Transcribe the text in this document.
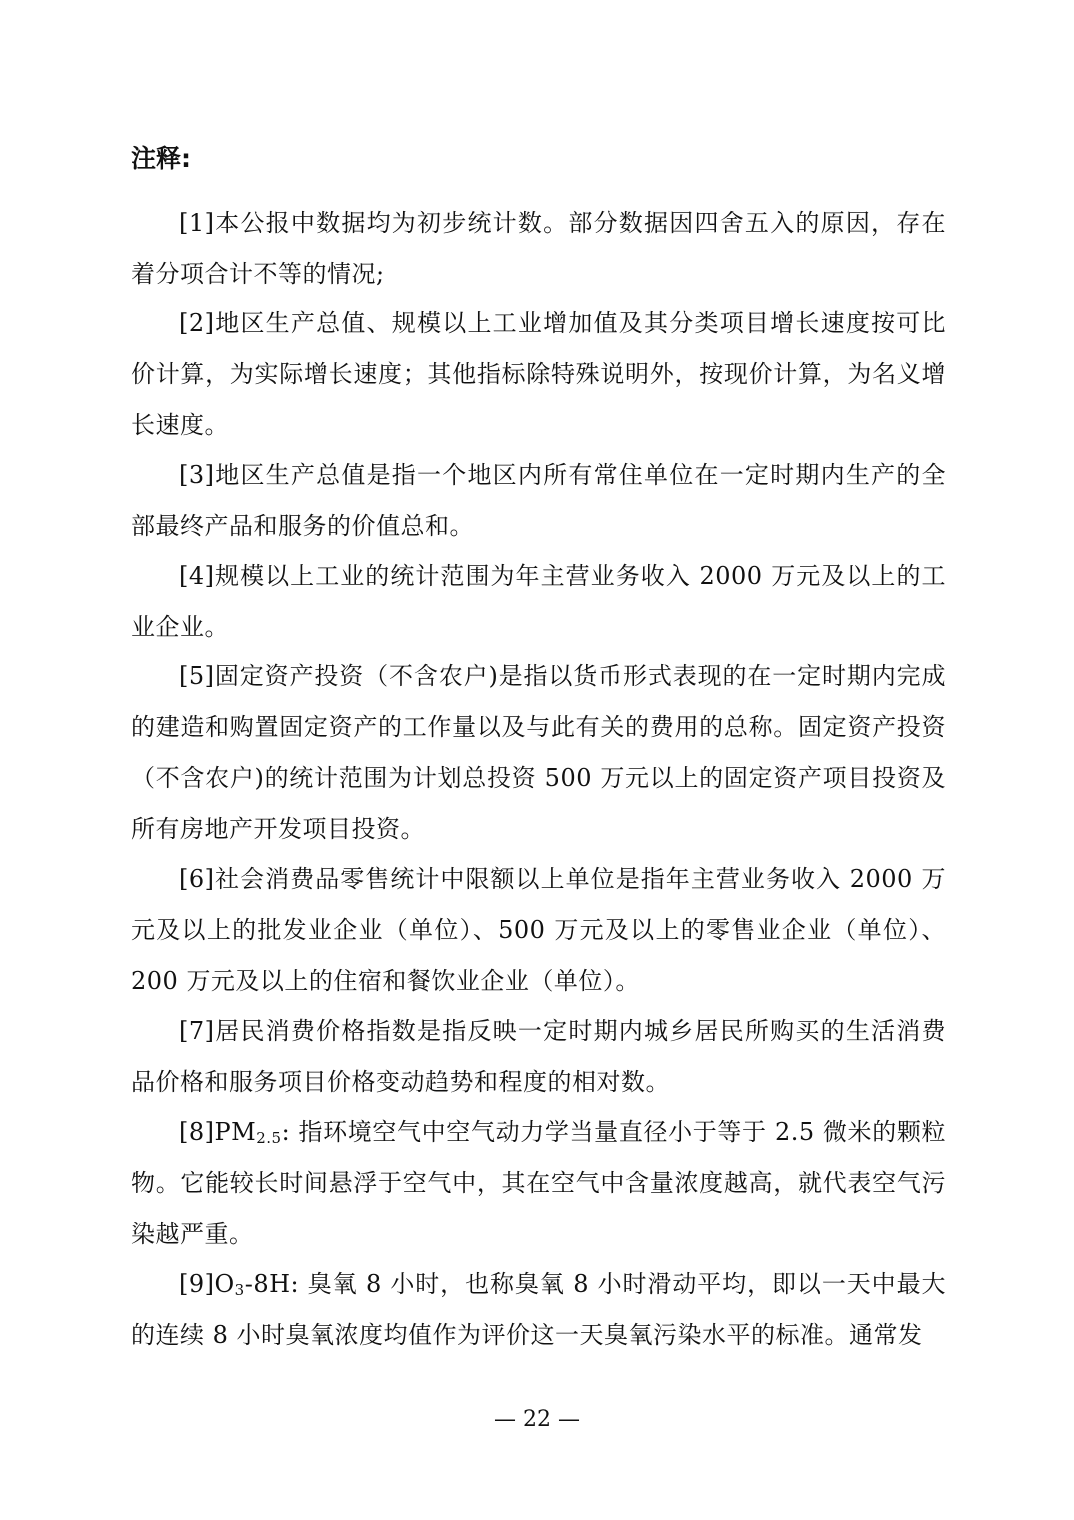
注释:
[1]本公报中数据均为初步统计数。部分数据因四舍五入的原因，存在着分项合计不等的情况;
[2]地区生产总值、规模以上工业增加值及其分类项目增长速度按可比价计算，为实际增长速度；其他指标除特殊说明外，按现价计算，为名义增长速度。
[3]地区生产总值是指一个地区内所有常住单位在一定时期内生产的全部最终产品和服务的价值总和。
[4]规模以上工业的统计范围为年主营业务收入 2000 万元及以上的工业企业。
[5]固定资产投资（不含农户)是指以货币形式表现的在一定时期内完成的建造和购置固定资产的工作量以及与此有关的费用的总称。固定资产投资（不含农户)的统计范围为计划总投资 500 万元以上的固定资产项目投资及所有房地产开发项目投资。
[6]社会消费品零售统计中限额以上单位是指年主营业务收入 2000 万元及以上的批发业企业（单位）、500 万元及以上的零售业企业（单位）、200 万元及以上的住宿和餐饮业企业（单位）。
[7]居民消费价格指数是指反映一定时期内城乡居民所购买的生活消费品价格和服务项目价格变动趋势和程度的相对数。
$[8]PM_{2.5}$: 指环境空气中空气动力学当量直径小于等于 2.5 微米的颗粒物。它能较长时间悬浮于空气中，其在空气中含量浓度越高，就代表空气污染越严重。
$[9]O_3-8H$: 臭氧 8 小时，也称臭氧 8 小时滑动平均，即以一天中最大的连续 8 小时臭氧浓度均值作为评价这一天臭氧污染水平的标准。通常发
— 22 —
